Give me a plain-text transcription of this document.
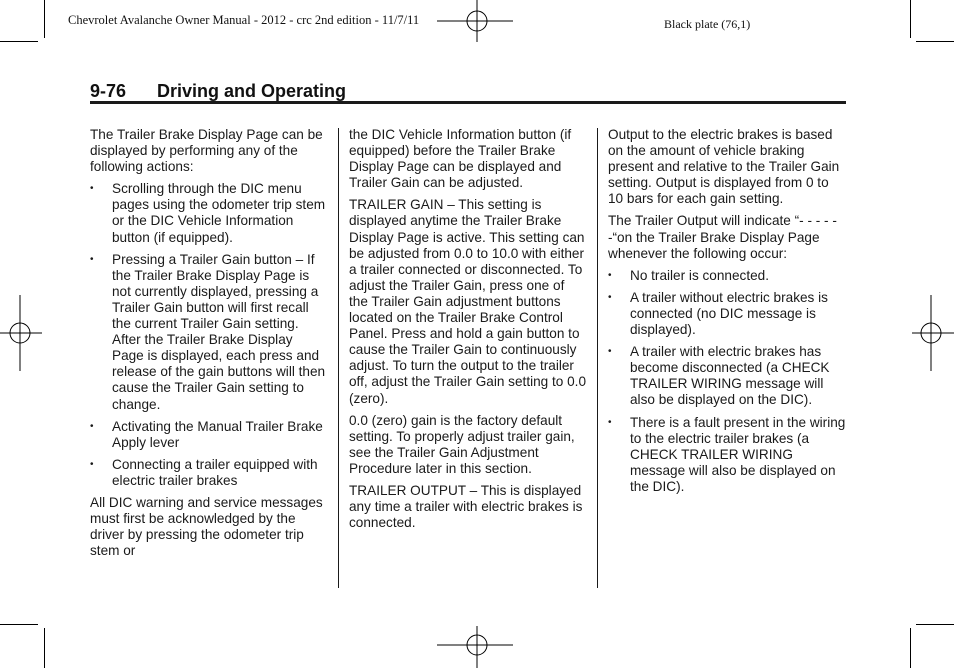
Chevrolet Avalanche Owner Manual - 2012 - crc 2nd edition - 11/7/11	Black plate (76,1)
9-76 Driving and Operating

The Trailer Brake Display Page can be displayed by performing any of the following actions:

• Scrolling through the DIC menu pages using the odometer trip stem or the DIC Vehicle Information button (if equipped).
• Pressing a Trailer Gain button – If the Trailer Brake Display Page is not currently displayed, pressing a Trailer Gain button will first recall the current Trailer Gain setting. After the Trailer Brake Display Page is displayed, each press and release of the gain buttons will then cause the Trailer Gain setting to change.
• Activating the Manual Trailer Brake Apply lever
• Connecting a trailer equipped with electric trailer brakes

All DIC warning and service messages must first be acknowledged by the driver by pressing the odometer trip stem or

the DIC Vehicle Information button (if equipped) before the Trailer Brake Display Page can be displayed and Trailer Gain can be adjusted.

TRAILER GAIN – This setting is displayed anytime the Trailer Brake Display Page is active. This setting can be adjusted from 0.0 to 10.0 with either a trailer connected or disconnected. To adjust the Trailer Gain, press one of the Trailer Gain adjustment buttons located on the Trailer Brake Control Panel. Press and hold a gain button to cause the Trailer Gain to continuously adjust. To turn the output to the trailer off, adjust the Trailer Gain setting to 0.0 (zero).

0.0 (zero) gain is the factory default setting. To properly adjust trailer gain, see the Trailer Gain Adjustment Procedure later in this section.

TRAILER OUTPUT – This is displayed any time a trailer with electric brakes is connected.

Output to the electric brakes is based on the amount of vehicle braking present and relative to the Trailer Gain setting. Output is displayed from 0 to 10 bars for each gain setting.

The Trailer Output will indicate “- - - - - -“on the Trailer Brake Display Page whenever the following occur:

• No trailer is connected.
• A trailer without electric brakes is connected (no DIC message is displayed).
• A trailer with electric brakes has become disconnected (a CHECK TRAILER WIRING message will also be displayed on the DIC).
• There is a fault present in the wiring to the electric trailer brakes (a CHECK TRAILER WIRING message will also be displayed on the DIC).
